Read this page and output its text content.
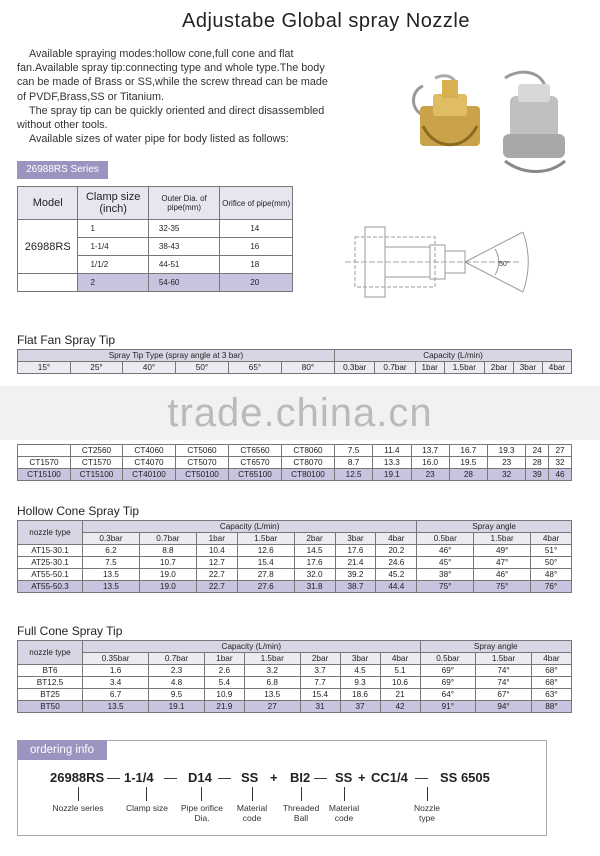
Adjustabe Global spray Nozzle

Available spraying modes:hollow cone,full cone and flat fan.Available spray tip:connecting type and whole type.The body can be made of Brass or SS,while the screw thread can be made of PVDF,Brass,SS or Titanium.

The spray tip can be quickly oriented and direct disassembled without other tools.

Available sizes of water pipe for body listed as follows:

26988RS Series
Model	Clamp size (inch)	Outer Dia. of pipe(mm)	Orifice of pipe(mm)
26988RS	1	32-35	14
	1-1/4	38-43	16
	1/1/2	44-51	18
	2	54-60	20
50°
Flat Fan Spray Tip
Spray Tip Type (spray angle at 3 bar)						Capacity (L/min)						
15°	25°	40°	50°	65°	80°	0.3bar	0.7bar	1bar	1.5bar	2bar	3bar	4bar
	CT2560	CT4060	CT5060	CT6560	CT8060	7.5	11.4	13.7	16.7	19.3	24	27
CT1570	CT1570	CT4070	CT5070	CT6570	CT8070	8.7	13.3	16.0	19.5	23	28	32
CT15100	CT15100	CT40100	CT50100	CT65100	CT80100	12.5	19.1	23	28	32	39	46
trade.china.cn
Hollow Cone Spray Tip
nozzle type	Capacity (L/min)							Spray angle		
	0.3bar	0.7bar	1bar	1.5bar	2bar	3bar	4bar	0.5bar	1.5bar	4bar
AT15-30.1	6.2	8.8	10.4	12.6	14.5	17.6	20.2	46°	49°	51°
AT25-30.1	7.5	10.7	12.7	15.4	17.6	21.4	24.6	45°	47°	50°
AT55-50.1	13.5	19.0	22.7	27.8	32.0	39.2	45.2	38°	46°	48°
AT55-50.3	13.5	19.0	22.7	27.6	31.8	38.7	44.4	75°	75°	76°
Full Cone Spray Tip
nozzle type	Capacity (L/min)							Spray angle		
	0.35bar	0.7bar	1bar	1.5bar	2bar	3bar	4bar	0.5bar	1.5bar	4bar
BT6	1.6	2.3	2.6	3.2	3.7	4.5	5.1	69°	74°	68°
BT12.5	3.4	4.8	5.4	6.8	7.7	9.3	10.6	69°	74°	68°
BT25	6.7	9.5	10.9	13.5	15.4	18.6	21	64°	67°	63°
BT50	13.5	19.1	21.9	27	31	37	42	91°	94°	88°
ordering info
26988RS — 1-1/4 — D14 — SS + BI2 — SS + CC1/4 — SS 6505
Nozzle series	Clamp size	Pipe orifice Dia.
Material code
Threaded Ball
Material code
Nozzle type
